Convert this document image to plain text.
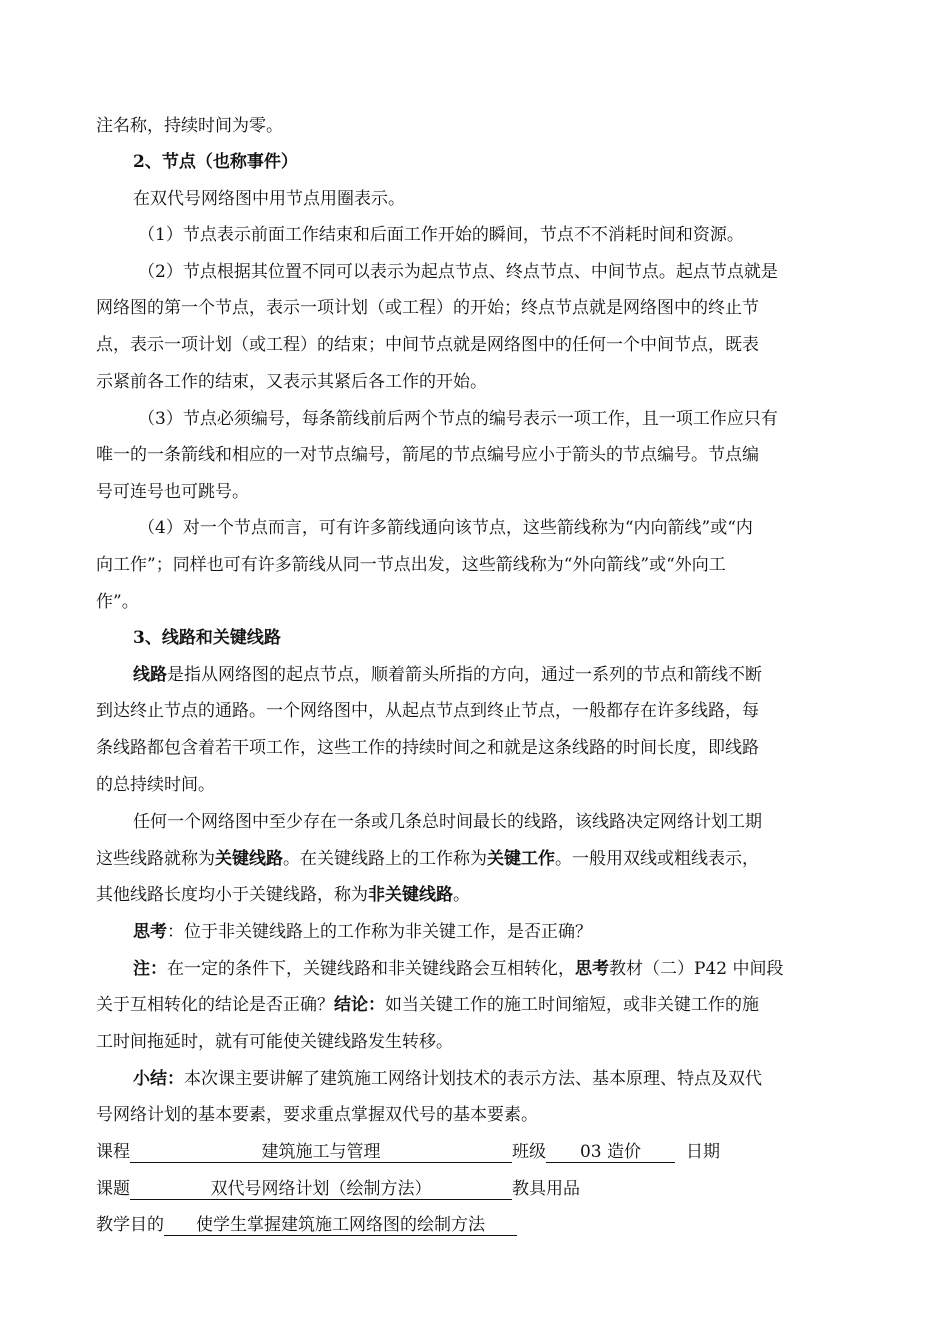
注名称，持续时间为零。
2、节点（也称事件）
在双代号网络图中用节点用圈表示。
（1）节点表示前面工作结束和后面工作开始的瞬间，节点不不消耗时间和资源。
（2）节点根据其位置不同可以表示为起点节点、终点节点、中间节点。起点节点就是
网络图的第一个节点，表示一项计划（或工程）的开始；终点节点就是网络图中的终止节
点，表示一项计划（或工程）的结束；中间节点就是网络图中的任何一个中间节点，既表
示紧前各工作的结束，又表示其紧后各工作的开始。
（3）节点必须编号，每条箭线前后两个节点的编号表示一项工作，且一项工作应只有
唯一的一条箭线和相应的一对节点编号，箭尾的节点编号应小于箭头的节点编号。节点编
号可连号也可跳号。
（4）对一个节点而言，可有许多箭线通向该节点，这些箭线称为“内向箭线”或“内
向工作”；同样也可有许多箭线从同一节点出发，这些箭线称为“外向箭线”或“外向工
作”。
3、线路和关键线路
线路是指从网络图的起点节点，顺着箭头所指的方向，通过一系列的节点和箭线不断
到达终止节点的通路。一个网络图中，从起点节点到终止节点，一般都存在许多线路，每
条线路都包含着若干项工作，这些工作的持续时间之和就是这条线路的时间长度，即线路
的总持续时间。
任何一个网络图中至少存在一条或几条总时间最长的线路，该线路决定网络计划工期
这些线路就称为关键线路。在关键线路上的工作称为关键工作。一般用双线或粗线表示，
其他线路长度均小于关键线路，称为非关键线路。
思考：位于非关键线路上的工作称为非关键工作，是否正确？
注：在一定的条件下，关键线路和非关键线路会互相转化，思考教材（二）P42 中间段
关于互相转化的结论是否正确？结论：如当关键工作的施工时间缩短，或非关键工作的施
工时间拖延时，就有可能使关键线路发生转移。
小结：本次课主要讲解了建筑施工网络计划技术的表示方法、基本原理、特点及双代
号网络计划的基本要素，要求重点掌握双代号的基本要素。
课程	建筑施工与管理	班级 03 造价	日期
课题	双代号网络计划（绘制方法）	教具用品
教学目的 使学生掌握建筑施工网络图的绘制方法
